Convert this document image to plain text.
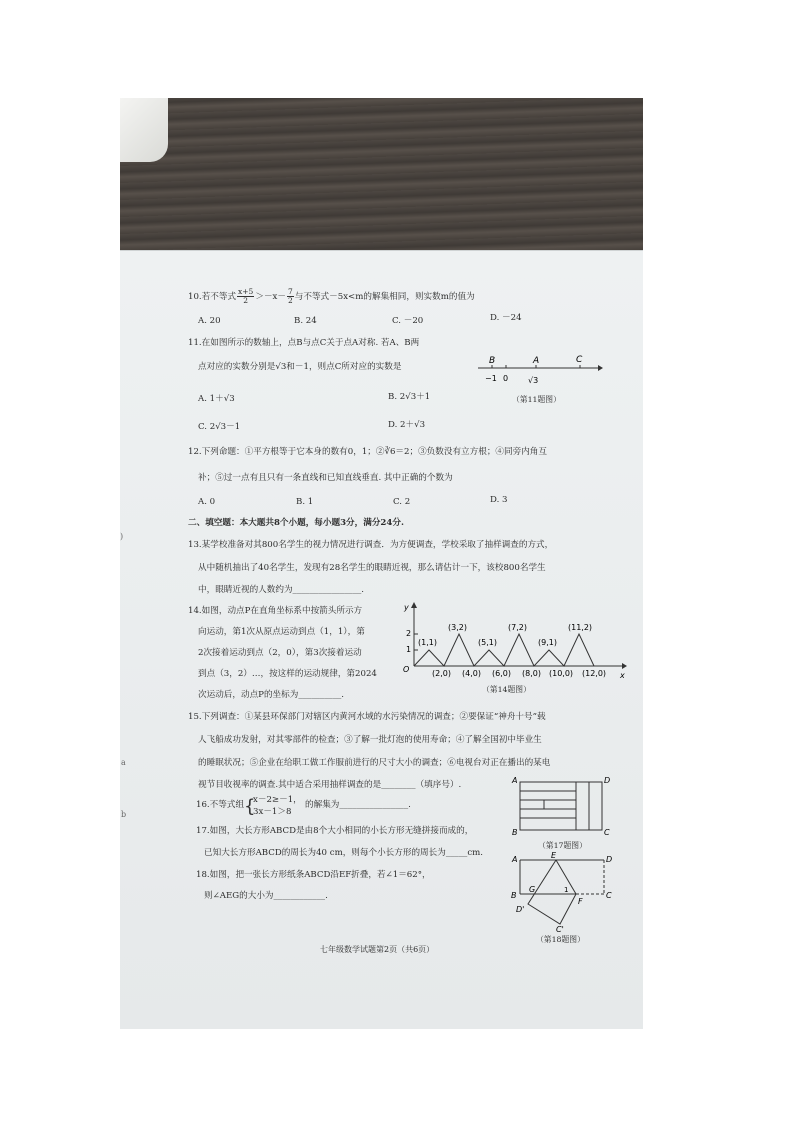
)
a
b
10.若不等式 $\frac{x+5}{2} >-x- \frac{7}{2}$ 与不等式－5x<m的解集相同，则实数m的值为
A. 20	B. 24	C. －20	D. －24
11.在如图所示的数轴上，点B与点C关于点A对称. 若A、B两
点对应的实数分别是√3和－1，则点C所对应的实数是
A. 1＋√3	B. 2√3＋1
C. 2√3－1	D. 2＋√3
B	A	C
−1 0 √3
（第11题图）
12.下列命题：①平方根等于它本身的数有0，1；②∛6＝2；③负数没有立方根；④同旁内角互
补；⑤过一点有且只有一条直线和已知直线垂直. 其中正确的个数为
A. 0	B. 1	C. 2	D. 3
二、填空题：本大题共8个小题，每小题3分，满分24分.
13.某学校准备对其800名学生的视力情况进行调查．为方便调查，学校采取了抽样调查的方式，
从中随机抽出了40名学生，发现有28名学生的眼睛近视，那么请估计一下，该校800名学生
中，眼睛近视的人数约为________________.
14.如图，动点P在直角坐标系中按箭头所示方
向运动，第1次从原点运动到点（1，1），第
2次接着运动到点（2，0），第3次接着运动
到点（3，2）…，按这样的运动规律，第2024
次运动后，动点P的坐标为__________.
y
x
O
1
2
(1,1)
(3,2)
(5,1)
(7,2)
(9,1)
(11,2)
(2,0) (4,0) (6,0) (8,0) (10,0) (12,0)
（第14题图）
15.下列调查：①某县环保部门对辖区内黄河水域的水污染情况的调查；②要保证“神舟十号”载
人飞船成功发射，对其零部件的检查；③了解一批灯泡的使用寿命；④了解全国初中毕业生
的睡眠状况；⑤企业在给职工做工作服前进行的尺寸大小的调查；⑥电视台对正在播出的某电
视节目收视率的调查.其中适合采用抽样调查的是________（填序号）.
16.不等式组 {
x－2≥－1，
3x－1＞8
的解集为________________.
A	D
B	C
（第17题图）
17.如图，大长方形ABCD是由8个大小相同的小长方形无缝拼接而成的，
已知大长方形ABCD的周长为40 cm，则每个小长方形的周长为_____cm.
18.如图，把一张长方形纸条ABCD沿EF折叠，若∠1＝62°，
则∠AEG的大小为____________.
A	E	D
B
G	1
F
C
D'
C'
（第18题图）
七年级数学试题第2页（共6页）
